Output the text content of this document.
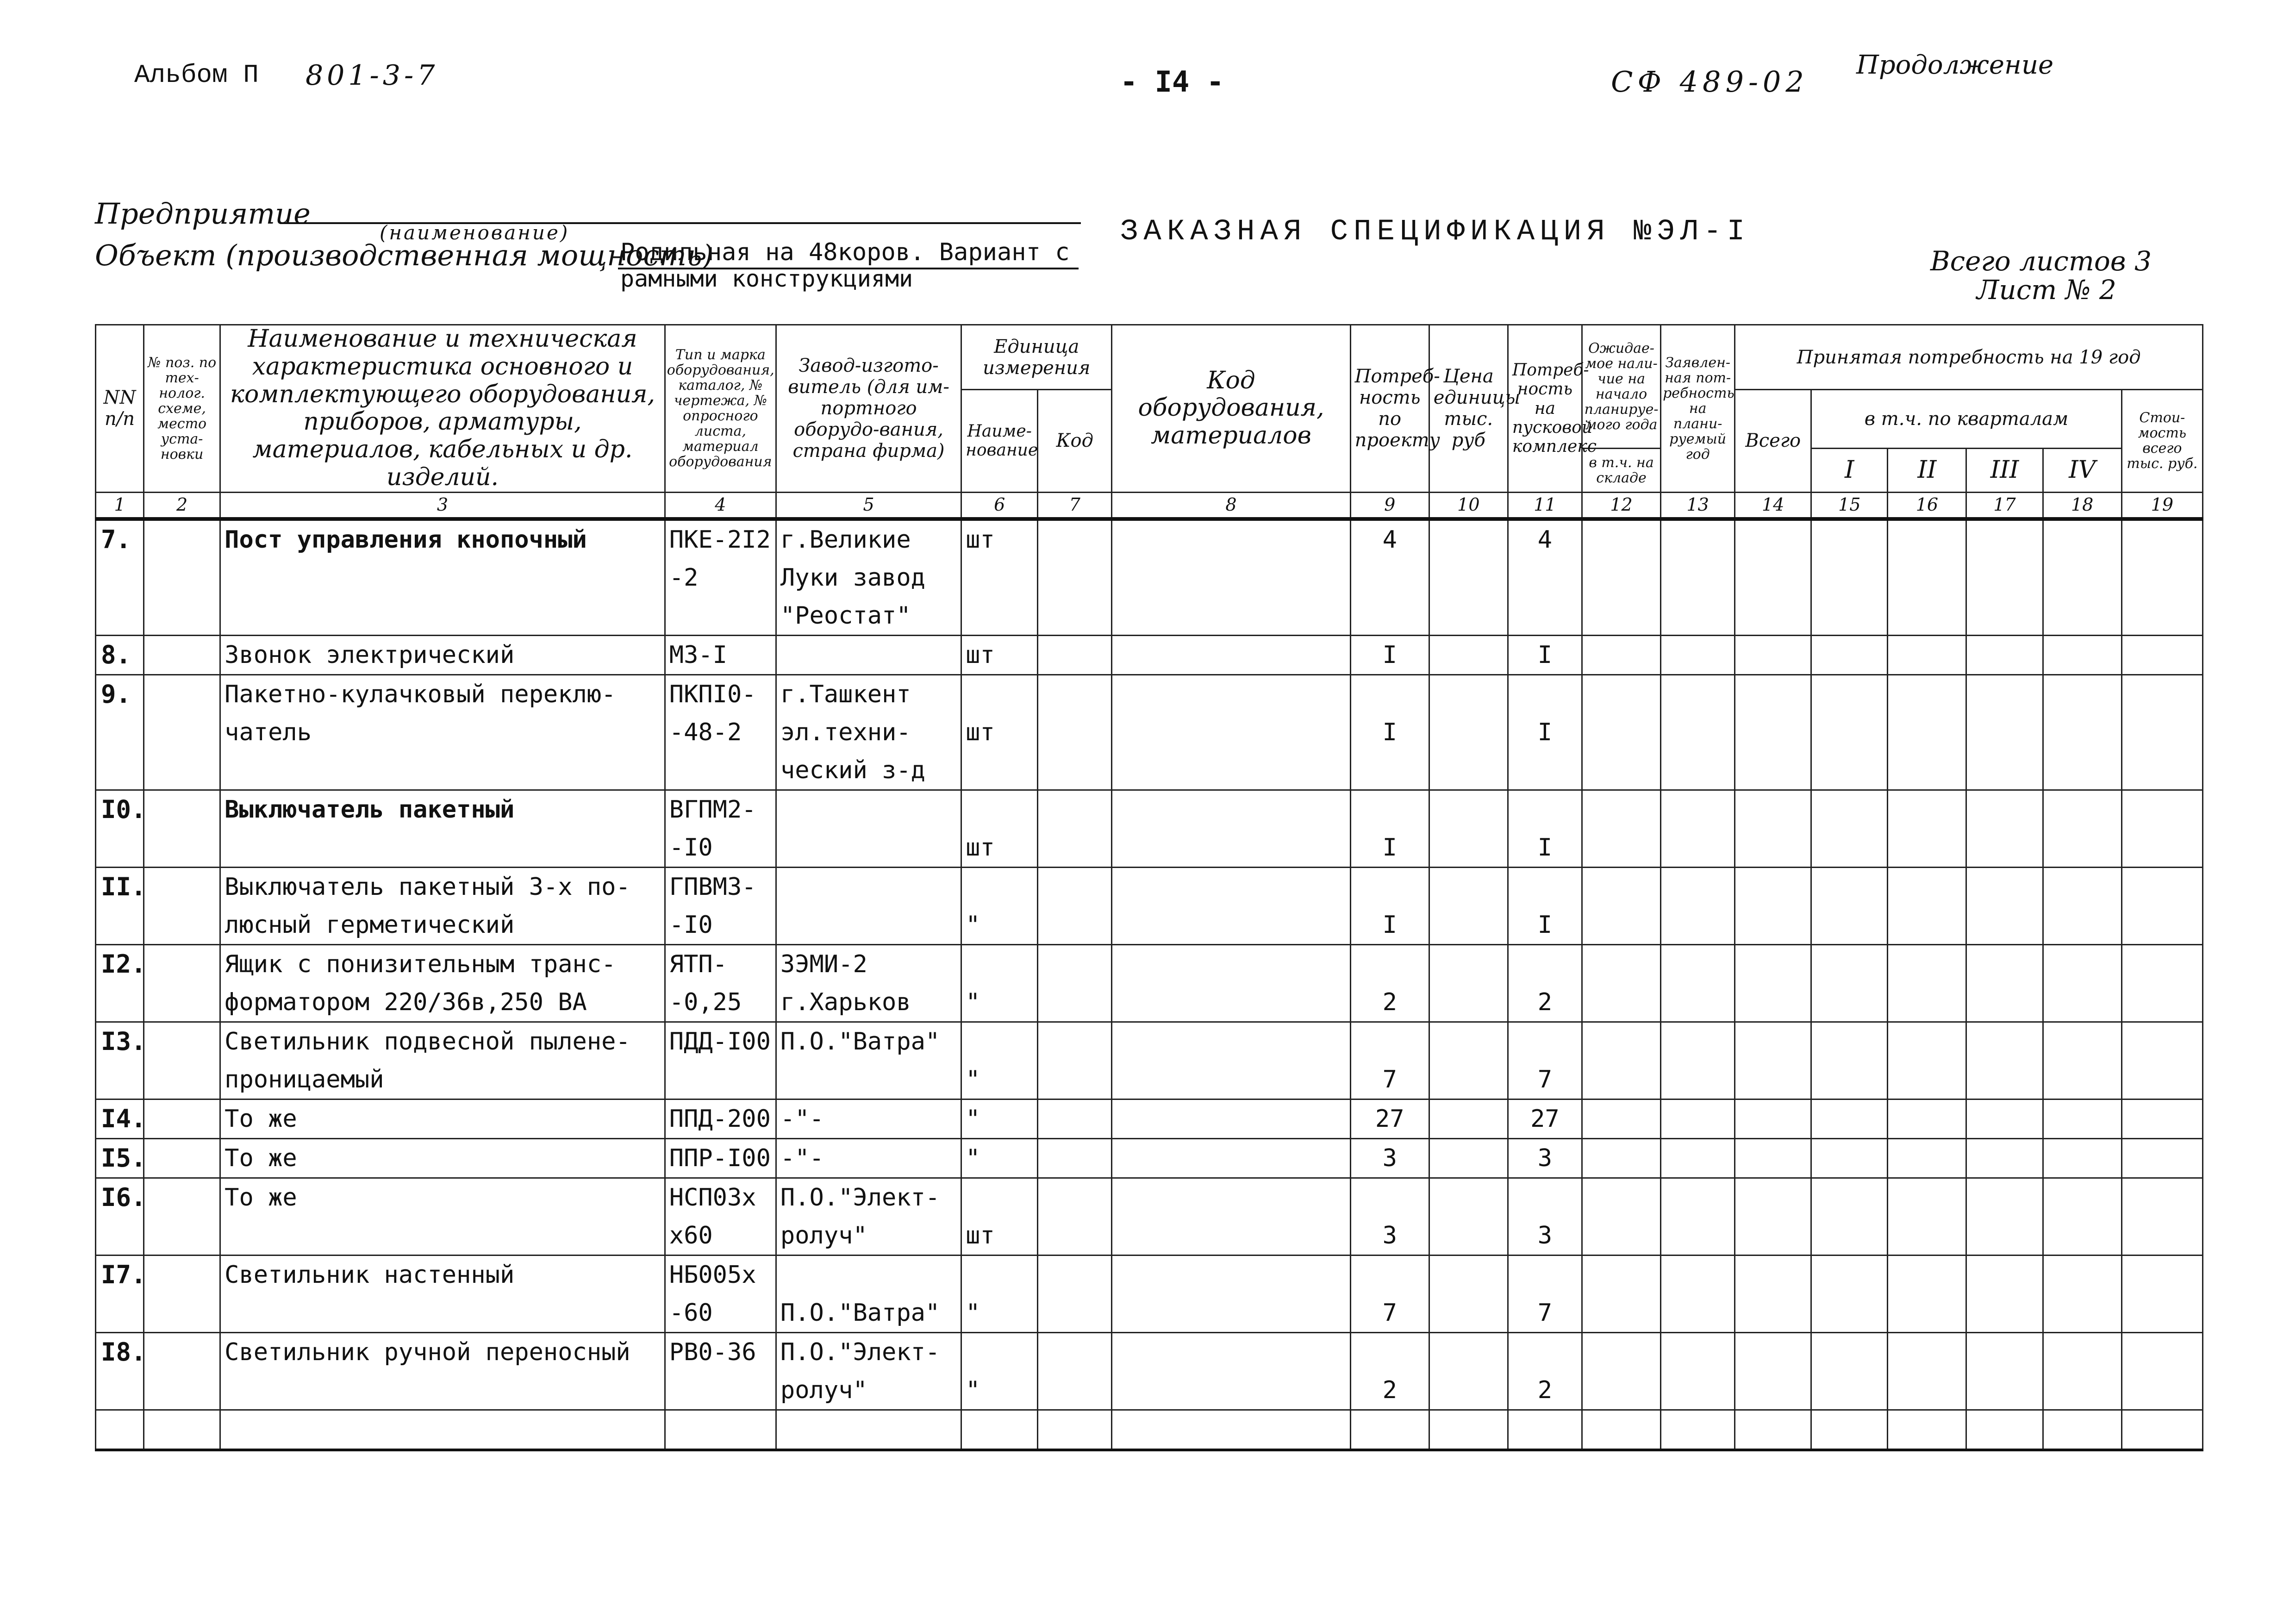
Альбом П 801-3-7	- I4 -	СФ 489-02 Продолжение
Предприятие
(наименование)
Объект (производственная мощность)
Родильная на 48коров. Вариант с
рамными конструкциями
ЗАКАЗНАЯ СПЕЦИФИКАЦИЯ №ЭЛ-I
Всего листов 3
Лист № 2
NN п/п	№ поз. по тех-нолог. схеме, место уста-новки	Наименование и техническая характеристика основного и комплектующего оборудования, приборов, арматуры, материалов, кабельных и др. изделий.	Тип и марка оборудования, каталог, № чертежа, № опросного листа, материал оборудования	Завод-изгото-витель (для им-портного оборудо-вания, страна фирма)	Единица измерения		Код оборудования, материалов	Потреб-ность по проекту	Цена единицы тыс. руб	Потреб-ность на пусковой комплекс	Ожидае-мое нали-чие на начало планируе-мого года	Заявлен-ная пот-ребность на плани-руемый год	Принятая потребность на 19 год					
					Наиме-нование	Код							Всего	в т.ч. по кварталам				Стои-мость всего тыс. руб.
											в т.ч. на складе			I	II	III	IV	
1	2	3	4	5	6	7	8	9	10	11	12	13	14	15	16	17	18	19
7.		Пост управления кнопочный	ПКЕ-2I2	г.Великие	шт			4		4								
			-2	Луки завод														
				"Реостат"														
8.		Звонок электрический	МЗ-I		шт			I		I								
9.		Пакетно-кулачковый переклю-	ПКПI0-	г.Ташкент														
		чатель	-48-2	эл.техни-	шт			I		I								
				ческий з-д														
I0.		Выключатель пакетный	ВГПМ2-															
			-I0		шт			I		I								
II.		Выключатель пакетный 3-х по-	ГПВМ3-															
		люсный герметический	-I0		"			I		I								
I2.		Ящик с понизительным транс-	ЯТП-	ЗЭМИ-2														
		форматором 220/36в,250 ВА	-0,25	г.Харьков	"			2		2								
I3.		Светильник подвесной пылене-	ПДД-I00	П.О."Ватра"														
		проницаемый			"			7		7								
I4.		То же	ППД-200	-"-	"			27		27								
I5.		То же	ППР-I00	-"-	"			3		3								
I6.		То же	НСП03х	П.О."Элект-														
			х60	ролуч"	шт			3		3								
I7.		Светильник настенный	НБ005х															
			-60	П.О."Ватра"	"			7		7								
I8.		Светильник ручной переносный	РВ0-36	П.О."Элект-														
				ролуч"	"			2		2								
